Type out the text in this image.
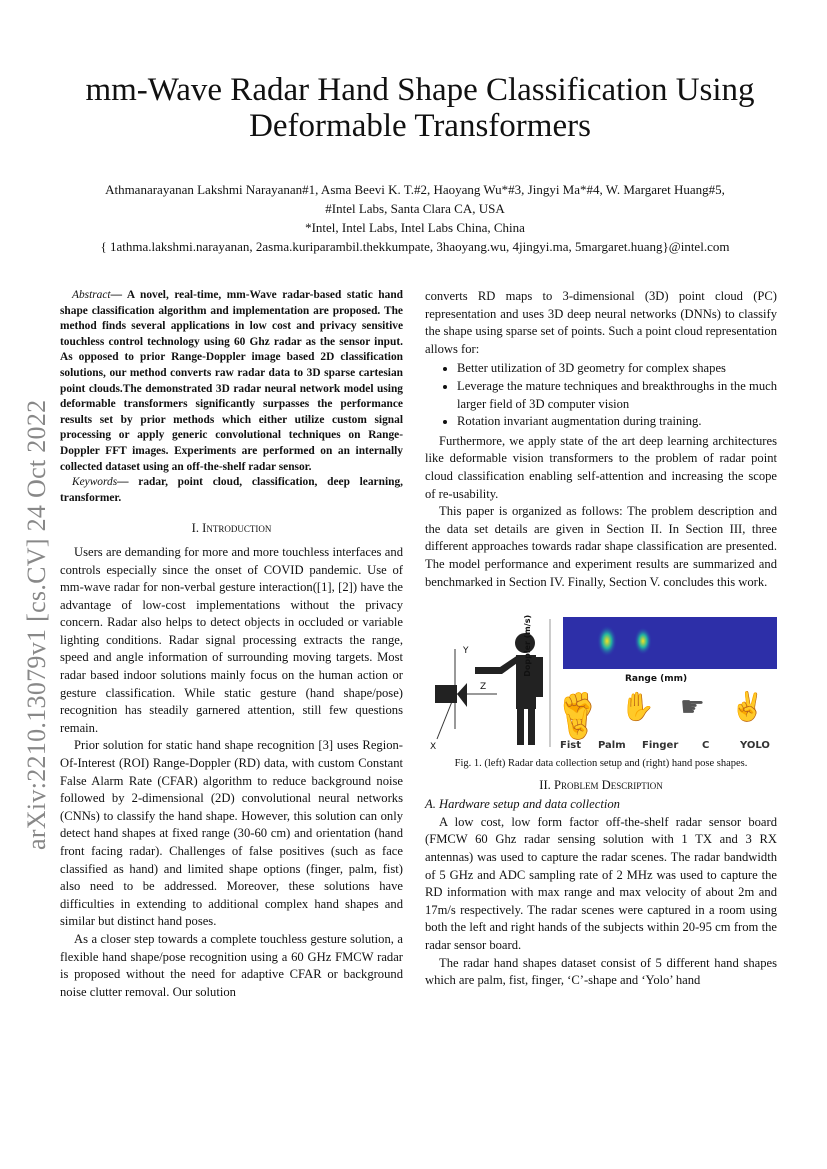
arXiv:2210.13079v1 [cs.CV] 24 Oct 2022
mm-Wave Radar Hand Shape Classification Using Deformable Transformers
Athmanarayanan Lakshmi Narayanan#1, Asma Beevi K. T.#2, Haoyang Wu*#3, Jingyi Ma*#4, W. Margaret Huang#5,
#Intel Labs, Santa Clara CA, USA
*Intel, Intel Labs, Intel Labs China, China
{ 1athma.lakshmi.narayanan, 2asma.kuriparambil.thekkumpate, 3haoyang.wu, 4jingyi.ma, 5margaret.huang}@intel.com

Abstract— A novel, real-time, mm-Wave radar-based static hand shape classification algorithm and implementation are proposed. The method finds several applications in low cost and privacy sensitive touchless control technology using 60 Ghz radar as the sensor input. As opposed to prior Range-Doppler image based 2D classification solutions, our method converts raw radar data to 3D sparse cartesian point clouds.The demonstrated 3D radar neural network model using deformable transformers significantly surpasses the performance results set by prior methods which either utilize custom signal processing or apply generic convolutional techniques on Range-Doppler FFT images. Experiments are performed on an internally collected dataset using an off-the-shelf radar sensor.

Keywords— radar, point cloud, classification, deep learning, transformer.

I. Introduction

Users are demanding for more and more touchless interfaces and controls especially since the onset of COVID pandemic. Use of mm-wave radar for non-verbal gesture interaction([1], [2]) have the advantage of low-cost implementations without the privacy concern. Radar also helps to detect objects in occluded or variable lighting conditions. Radar signal processing extracts the range, speed and angle information of surrounding moving targets. Most radar based indoor solutions mainly focus on the human action or gesture classification. While static gesture (hand shape/pose) recognition has steadily garnered attention, still few questions remain.

Prior solution for static hand shape recognition [3] uses Region-Of-Interest (ROI) Range-Doppler (RD) data, with custom Constant False Alarm Rate (CFAR) algorithm to reduce background noise followed by 2-dimensional (2D) convolutional neural networks (CNNs) to classify the hand shape. However, this solution can only detect hand shapes at fixed range (30-60 cm) and orientation (hand front facing radar). Challenges of false positives (such as face classified as hand) and limited shape options (finger, palm, fist) also need to be addressed. Moreover, these solutions have difficulties in extending to additional complex hand shapes and similar but distinct hand poses.

As a closer step towards a complete touchless gesture solution, a flexible hand shape/pose recognition using a 60 GHz FMCW radar is proposed without the need for adaptive CFAR or background noise clutter removal. Our solution

converts RD maps to 3-dimensional (3D) point cloud (PC) representation and uses 3D deep neural networks (DNNs) to classify the shape using sparse set of points. Such a point cloud representation allows for:

• Better utilization of 3D geometry for complex shapes
• Leverage the mature techniques and breakthroughs in the much larger field of 3D computer vision
• Rotation invariant augmentation during training.

Furthermore, we apply state of the art deep learning architectures like deformable vision transformers to the problem of radar point cloud classification enabling self-attention and increasing the scope of re-usability.

This paper is organized as follows: The problem description and the data set details are given in Section II. In Section III, three different approaches towards radar shape classification are presented. The model performance and experiment results are summarized and benchmarked in Section IV. Finally, Section V. concludes this work.

Y
Z
X
Doppler (m/s)
Range (mm)
Fist Palm Finger C	YOLO
✊✋☛✌🤘
Fig. 1. (left) Radar data collection setup and (right) hand pose shapes.
II. Problem Description
A. Hardware setup and data collection

A low cost, low form factor off-the-shelf radar sensor board (FMCW 60 Ghz radar sensing solution with 1 TX and 3 RX antennas) was used to capture the radar scenes. The radar bandwidth of 5 GHz and ADC sampling rate of 2 MHz was used to capture the RD information with max range and max velocity of about 2m and 17m/s respectively. The radar scenes were captured in a room using both the left and right hands of the subjects within 20-95 cm from the radar sensor board.

The radar hand shapes dataset consist of 5 different hand shapes which are palm, fist, finger, ‘C’-shape and ‘Yolo’ hand
